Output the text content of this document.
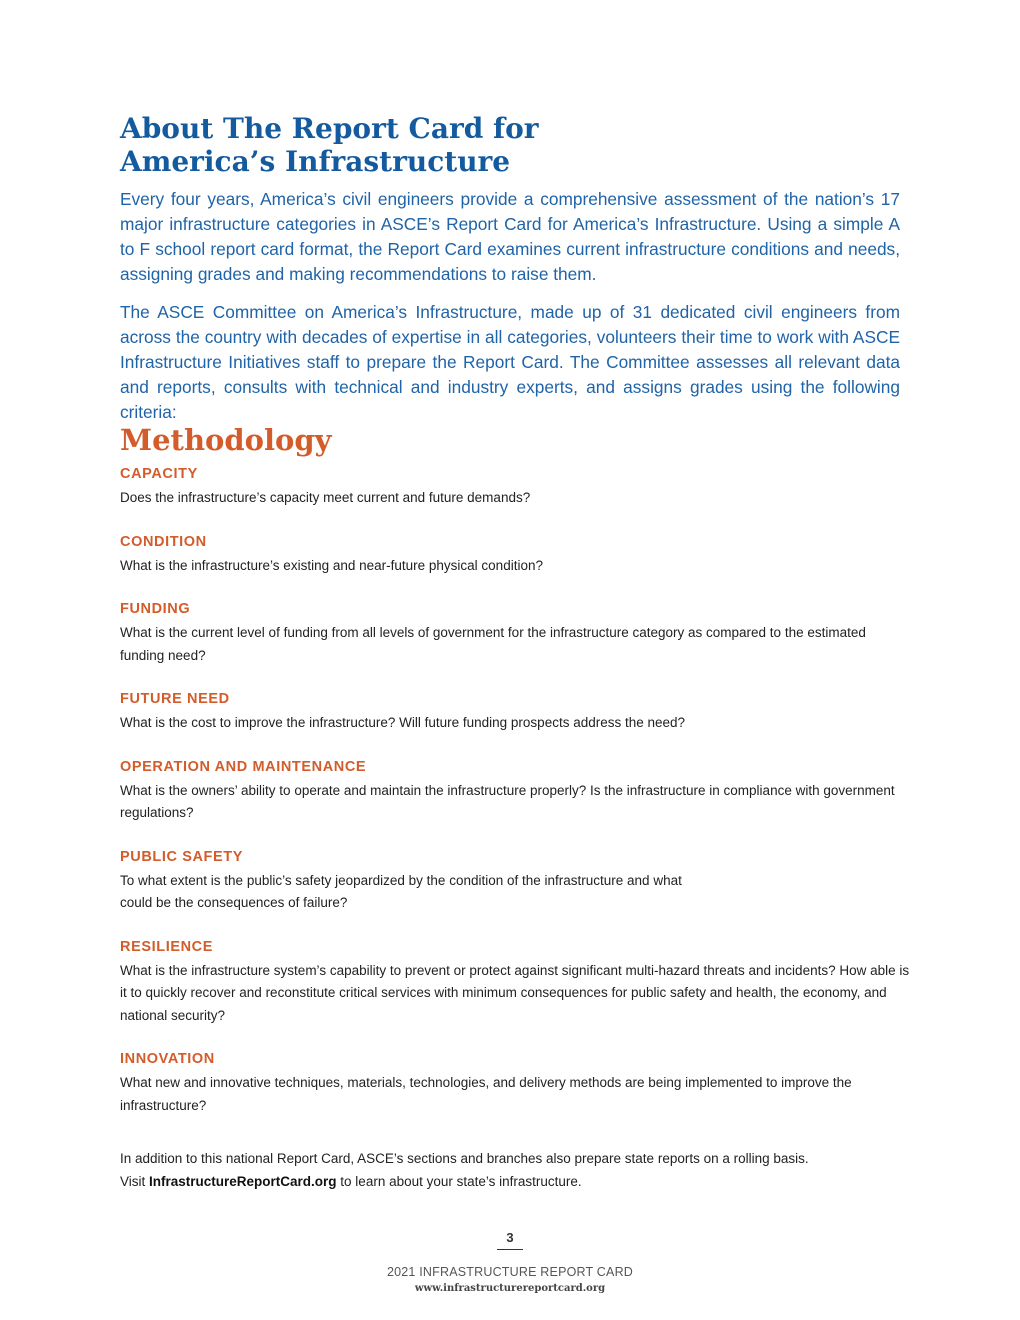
About The Report Card for
America’s Infrastructure

Every four years, America’s civil engineers provide a comprehensive assessment of the nation’s 17 major infrastructure categories in ASCE’s Report Card for America’s Infrastructure. Using a simple A to F school report card format, the Report Card examines current infrastructure conditions and needs, assigning grades and making recommendations to raise them.

The ASCE Committee on America’s Infrastructure, made up of 31 dedicated civil engineers from across the country with decades of expertise in all categories, volunteers their time to work with ASCE Infrastructure Initiatives staff to prepare the Report Card. The Committee assesses all relevant data and reports, consults with technical and industry experts, and assigns grades using the following criteria:

Methodology
CAPACITY

Does the infrastructure’s capacity meet current and future demands?

CONDITION

What is the infrastructure’s existing and near-future physical condition?

FUNDING

What is the current level of funding from all levels of government for the infrastructure category as compared to the estimated funding need?

FUTURE NEED

What is the cost to improve the infrastructure? Will future funding prospects address the need?

OPERATION AND MAINTENANCE

What is the owners’ ability to operate and maintain the infrastructure properly? Is the infrastructure in compliance with government regulations?

PUBLIC SAFETY

To what extent is the public’s safety jeopardized by the condition of the infrastructure and what
could be the consequences of failure?

RESILIENCE

What is the infrastructure system’s capability to prevent or protect against significant multi-hazard threats and incidents? How able is it to quickly recover and reconstitute critical services with minimum consequences for public safety and health, the economy, and national security?

INNOVATION

What new and innovative techniques, materials, technologies, and delivery methods are being implemented to improve the infrastructure?

In addition to this national Report Card, ASCE’s sections and branches also prepare state reports on a rolling basis.
Visit InfrastructureReportCard.org to learn about your state’s infrastructure.

3
2021 INFRASTRUCTURE REPORT CARD
www.infrastructurereportcard.org
